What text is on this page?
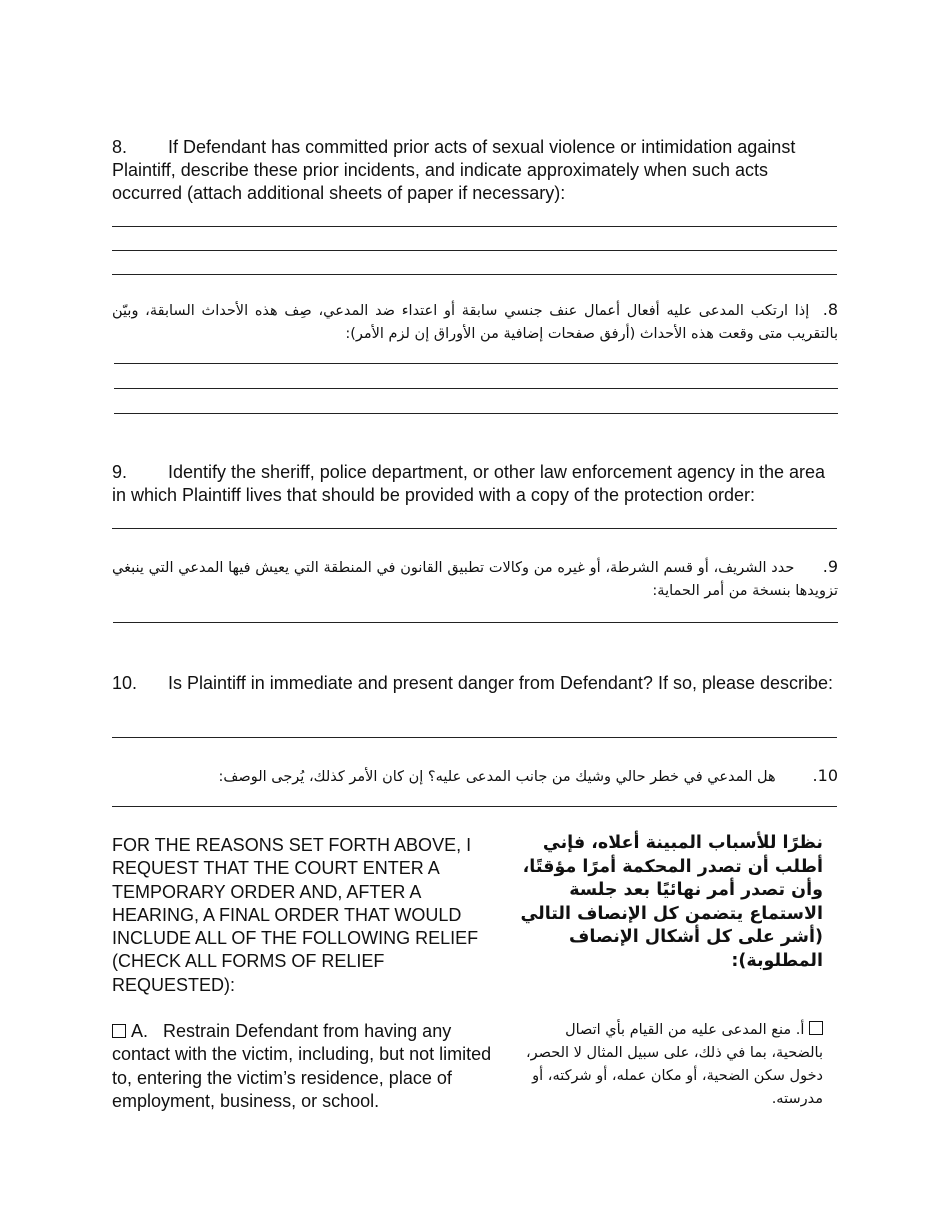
8. If Defendant has committed prior acts of sexual violence or intimidation against Plaintiff, describe these prior incidents, and indicate approximately when such acts occurred (attach additional sheets of paper if necessary):

8.  إذا ارتكب المدعى عليه أفعال أعمال عنف جنسي سابقة أو اعتداء ضد المدعي، صِف هذه الأحداث السابقة، وبيّن بالتقريب متى وقعت هذه الأحداث (أرفق صفحات إضافية من الأوراق إن لزم الأمر):

9. Identify the sheriff, police department, or other law enforcement agency in the area in which Plaintiff lives that should be provided with a copy of the protection order:

9.      حدد الشريف، أو قسم الشرطة، أو غيره من وكالات تطبيق القانون في المنطقة التي يعيش فيها المدعي التي ينبغي تزويدها بنسخة من أمر الحماية:

10. Is Plaintiff in immediate and present danger from Defendant? If so, please describe:

10.        هل المدعي في خطر حالي وشيك من جانب المدعى عليه؟ إن كان الأمر كذلك، يُرجى الوصف:

FOR THE REASONS SET FORTH ABOVE, I REQUEST THAT THE COURT ENTER A TEMPORARY ORDER AND, AFTER A HEARING, A FINAL ORDER THAT WOULD INCLUDE ALL OF THE FOLLOWING RELIEF (CHECK ALL FORMS OF RELIEF REQUESTED):

نظرًا للأسباب المبينة أعلاه، فإني أطلب أن تصدر المحكمة أمرًا مؤقتًا، وأن تصدر أمر نهائيًا بعد جلسة الاستماع يتضمن كل الإنصاف التالي (أشر على كل أشكال الإنصاف المطلوبة):

A. Restrain Defendant from having any contact with the victim, including, but not limited to, entering the victim’s residence, place of employment, business, or school.

أ. منع المدعى عليه من القيام بأي اتصال بالضحية، بما في ذلك، على سبيل المثال لا الحصر، دخول سكن الضحية، أو مكان عمله، أو شركته، أو مدرسته.
